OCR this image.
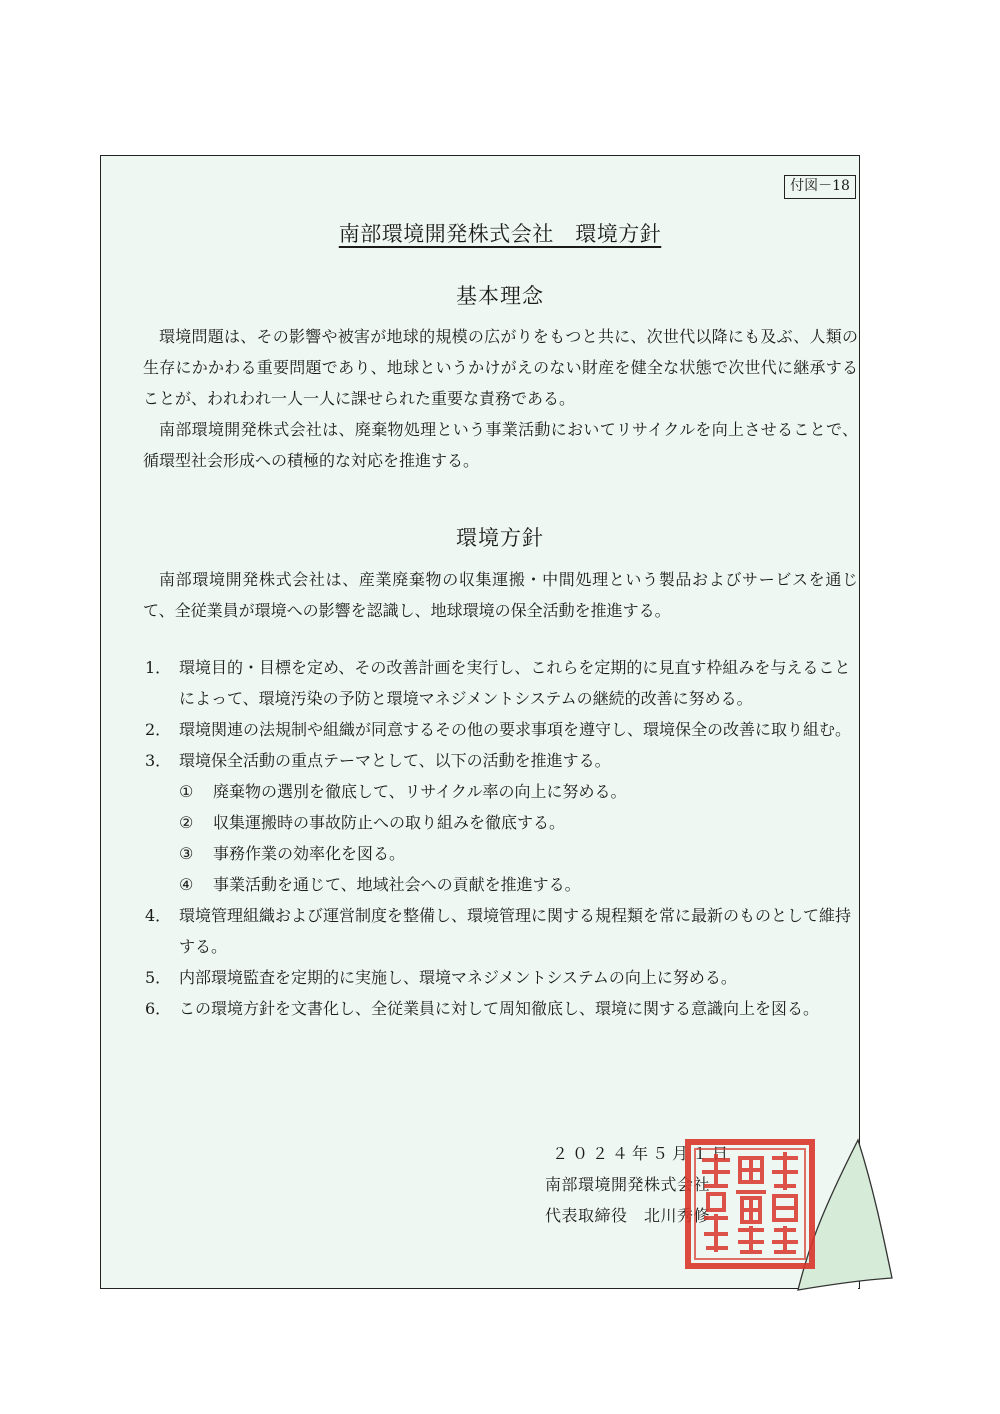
付図－18
南部環境開発株式会社　環境方針
基本理念

環境問題は、その影響や被害が地球的規模の広がりをもつと共に、次世代以降にも及ぶ、人類の生存にかかわる重要問題であり、地球というかけがえのない財産を健全な状態で次世代に継承することが、われわれ一人一人に課せられた重要な責務である。

南部環境開発株式会社は、廃棄物処理という事業活動においてリサイクルを向上させることで、循環型社会形成への積極的な対応を推進する。

環境方針

南部環境開発株式会社は、産業廃棄物の収集運搬・中間処理という製品およびサービスを通じて、全従業員が環境への影響を認識し、地球環境の保全活動を推進する。

1． 環境目的・目標を定め、その改善計画を実行し、これらを定期的に見直す枠組みを与えることによって、環境汚染の予防と環境マネジメントシステムの継続的改善に努める。
2． 環境関連の法規制や組織が同意するその他の要求事項を遵守し、環境保全の改善に取り組む。
3． 環境保全活動の重点テーマとして、以下の活動を推進する。
① 廃棄物の選別を徹底して、リサイクル率の向上に努める。
② 収集運搬時の事故防止への取り組みを徹底する。
③ 事務作業の効率化を図る。
④ 事業活動を通じて、地域社会への貢献を推進する。
4． 環境管理組織および運営制度を整備し、環境管理に関する規程類を常に最新のものとして維持する。
5． 内部環境監査を定期的に実施し、環境マネジメントシステムの向上に努める。
6． この環境方針を文書化し、全従業員に対して周知徹底し、環境に関する意識向上を図る。
２０２４年５月１日
南部環境開発株式会社
代表取締役　北川秀修
